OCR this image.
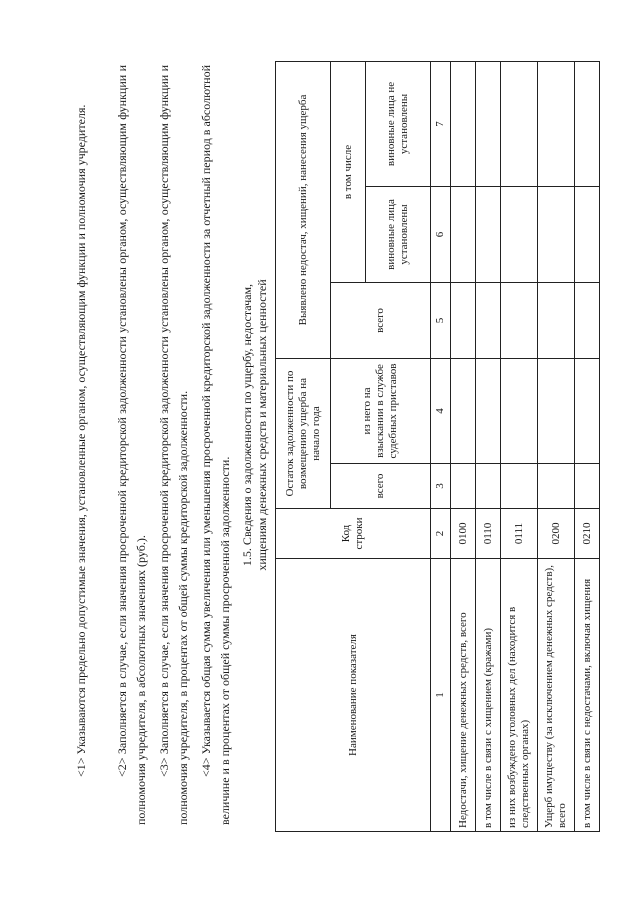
<1> Указываются предельно допустимые значения, установленные органом, осуществляющим функции и полномочия учредителя.

<2> Заполняется в случае, если значения просроченной кредиторской задолженности установлены органом, осуществляющим функции и полномочия учредителя, в абсолютных значениях (руб.). <3> Заполняется в случае, если значения просроченной кредиторской задолженности установлены органом, осуществляющим функции и полномочия учредителя, в процентах от общей суммы кредиторской задолженности. <4> Указывается общая сумма увеличения или уменьшения просроченной кредиторской задолженности за отчетный период в абсолютной величине и в процентах от общей суммы просроченной задолженности.

1.5. Сведения о задолженности по ущербу, недостачам,
хищениям денежных средств и материальных ценностей

Наименование показателя	Код строки	Остаток задолженности по возмещению ущерба на начало года		Выявлено недостач, хищений, нанесения ущерба		
		всего	из него на взыскании в службе судебных приставов	всего	в том числе	
					виновные лица установлены	виновные лица не установлены
1	2	3	4	5	6	7
Недостачи, хищение денежных средств, всего	0100					
в том числе в связи с хищением (кражами)	0110					
из них возбуждено уголовных дел (находится в следственных органах)	0111					
Ущерб имуществу (за исключением денежных средств), всего	0200					
в том числе в связи с недостачами, включая хищения	0210					
